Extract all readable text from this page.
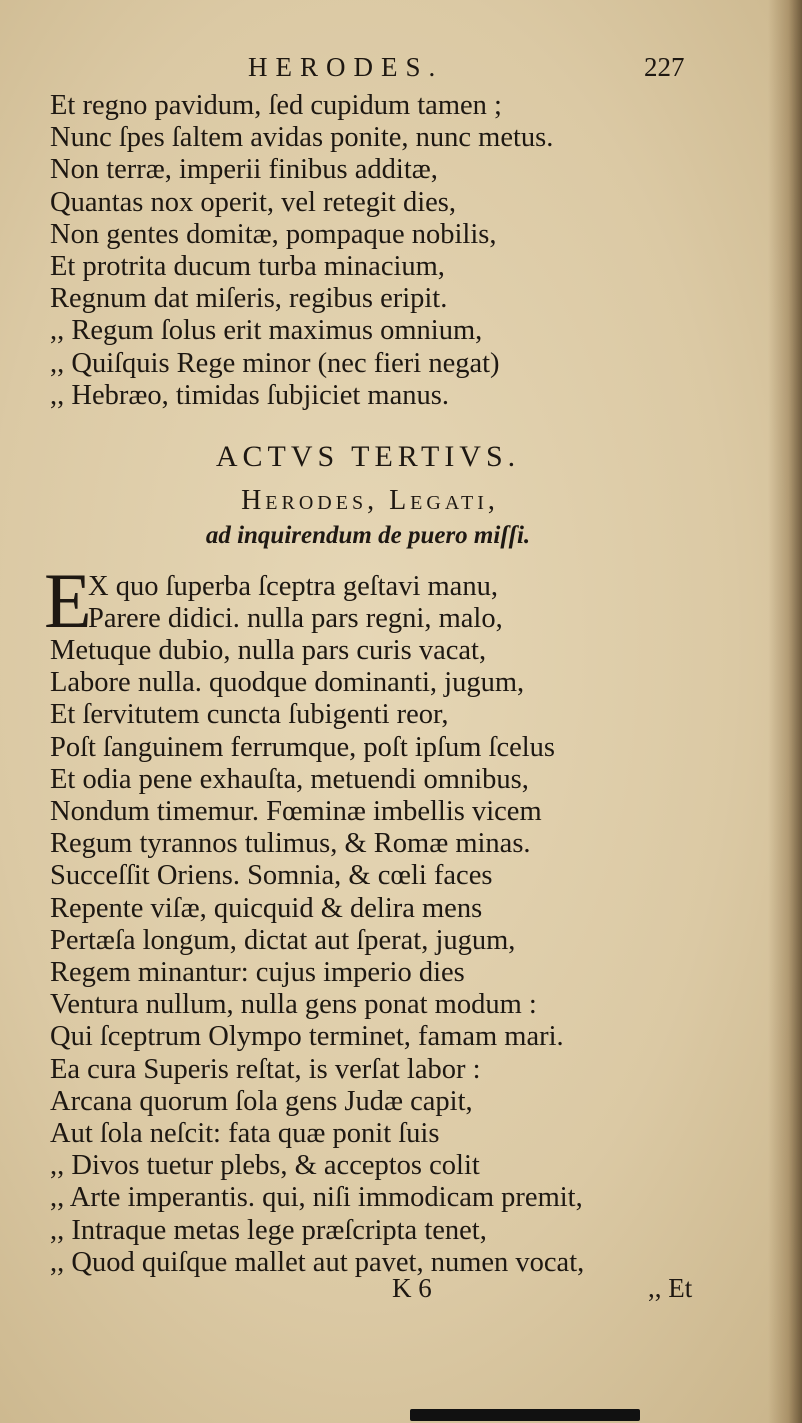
HERODES.	227
Et regno pavidum, ſed cupidum tamen ;
Nunc ſpes ſaltem avidas ponite, nunc metus.
Non terræ, imperii finibus additæ,
Quantas nox operit, vel retegit dies,
Non gentes domitæ, pompaque nobilis,
Et protrita ducum turba minacium,
Regnum dat miſeris, regibus eripit.
,, Regum ſolus erit maximus omnium,
,, Quiſquis Rege minor (nec fieri negat)
,, Hebræo, timidas ſubjiciet manus.
ACTVS TERTIVS.
Herodes, Legati,
ad inquirendum de puero miſſi.
E
X quo ſuperba ſceptra geſtavi manu,
Parere didici. nulla pars regni, malo,
Metuque dubio, nulla pars curis vacat,
Labore nulla. quodque dominanti, jugum,
Et ſervitutem cuncta ſubigenti reor,
Poſt ſanguinem ferrumque, poſt ipſum ſcelus
Et odia pene exhauſta, metuendi omnibus,
Nondum timemur. Fœminæ imbellis vicem
Regum tyrannos tulimus, & Romæ minas.
Succeſſit Oriens. Somnia, & cœli faces
Repente viſæ, quicquid & delira mens
Pertæſa longum, dictat aut ſperat, jugum,
Regem minantur: cujus imperio dies
Ventura nullum, nulla gens ponat modum :
Qui ſceptrum Olympo terminet, famam mari.
Ea cura Superis reſtat, is verſat labor :
Arcana quorum ſola gens Judæ capit,
Aut ſola neſcit: fata quæ ponit ſuis
,, Divos tuetur plebs, & acceptos colit
,, Arte imperantis. qui, niſi immodicam premit,
,, Intraque metas lege præſcripta tenet,
,, Quod quiſque mallet aut pavet, numen vocat,
K 6	,, Et
